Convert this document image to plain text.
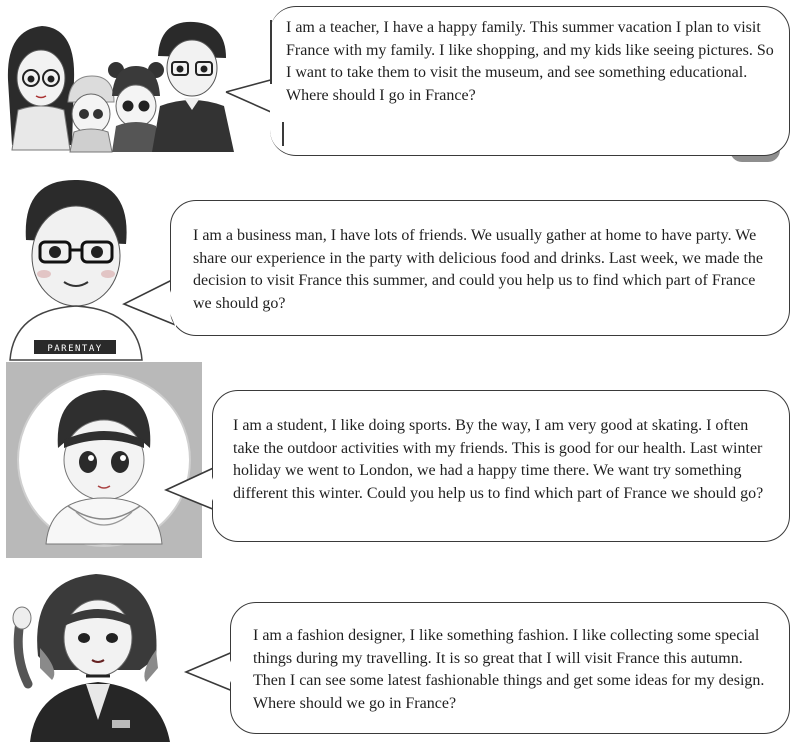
I am a teacher, I have a happy family. This summer vacation I plan to visit France with my family. I like shopping, and my kids like seeing pictures. So I want to take them to visit the museum, and see something educational. Where should I go in France?

PARENTAY

I am a business man, I have lots of friends. We usually gather at home to have party. We share our experience in the party with delicious food and drinks. Last week, we made the decision to visit France this summer, and could you help us to find which part of France we should go?

I am a student, I like doing sports. By the way, I am very good at skating. I often take the outdoor activities with my friends. This is good for our health. Last winter holiday we went to London, we had a happy time there. We want try something different this winter. Could you help us to find which part of France we should go?

I am a fashion designer, I like something fashion. I like collecting some special things during my travelling. It is so great that I will visit France this autumn. Then I can see some latest fashionable things and get some ideas for my design. Where should we go in France?
